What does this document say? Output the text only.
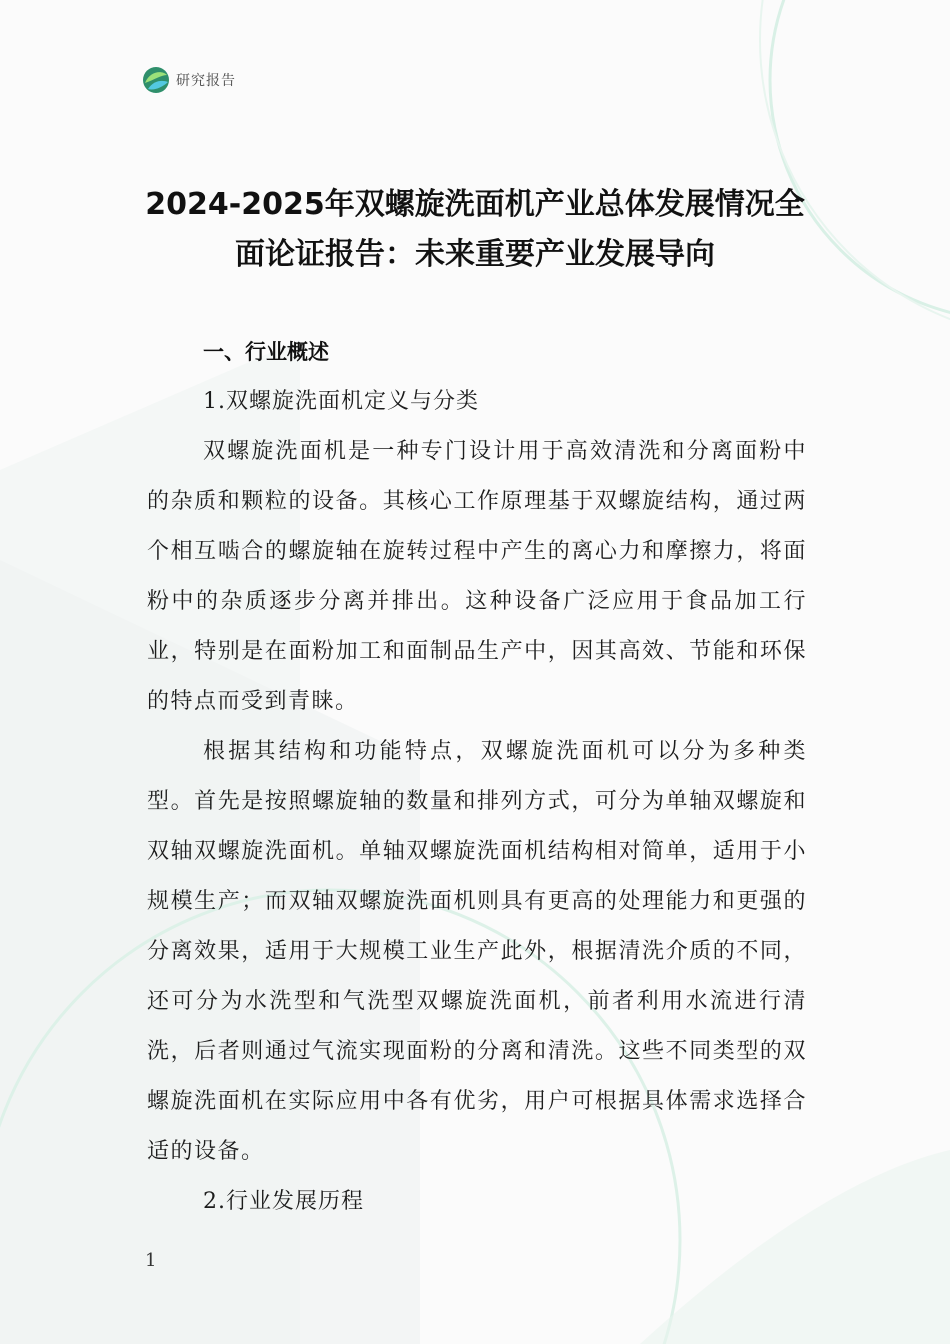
研究报告
2024-2025年双螺旋洗面机产业总体发展情况全
面论证报告：未来重要产业发展导向
一、行业概述
1.双螺旋洗面机定义与分类

双螺旋洗面机是一种专门设计用于高效清洗和分离面粉中的杂质和颗粒的设备。其核心工作原理基于双螺旋结构，通过两个相互啮合的螺旋轴在旋转过程中产生的离心力和摩擦力，将面粉中的杂质逐步分离并排出。这种设备广泛应用于食品加工行业，特别是在面粉加工和面制品生产中，因其高效、节能和环保的特点而受到青睐。

根据其结构和功能特点，双螺旋洗面机可以分为多种类型。首先是按照螺旋轴的数量和排列方式，可分为单轴双螺旋和双轴双螺旋洗面机。单轴双螺旋洗面机结构相对简单，适用于小规模生产；而双轴双螺旋洗面机则具有更高的处理能力和更强的分离效果，适用于大规模工业生产此外，根据清洗介质的不同，还可分为水洗型和气洗型双螺旋洗面机，前者利用水流进行清洗，后者则通过气流实现面粉的分离和清洗。这些不同类型的双螺旋洗面机在实际应用中各有优劣，用户可根据具体需求选择合适的设备。

2.行业发展历程
1
